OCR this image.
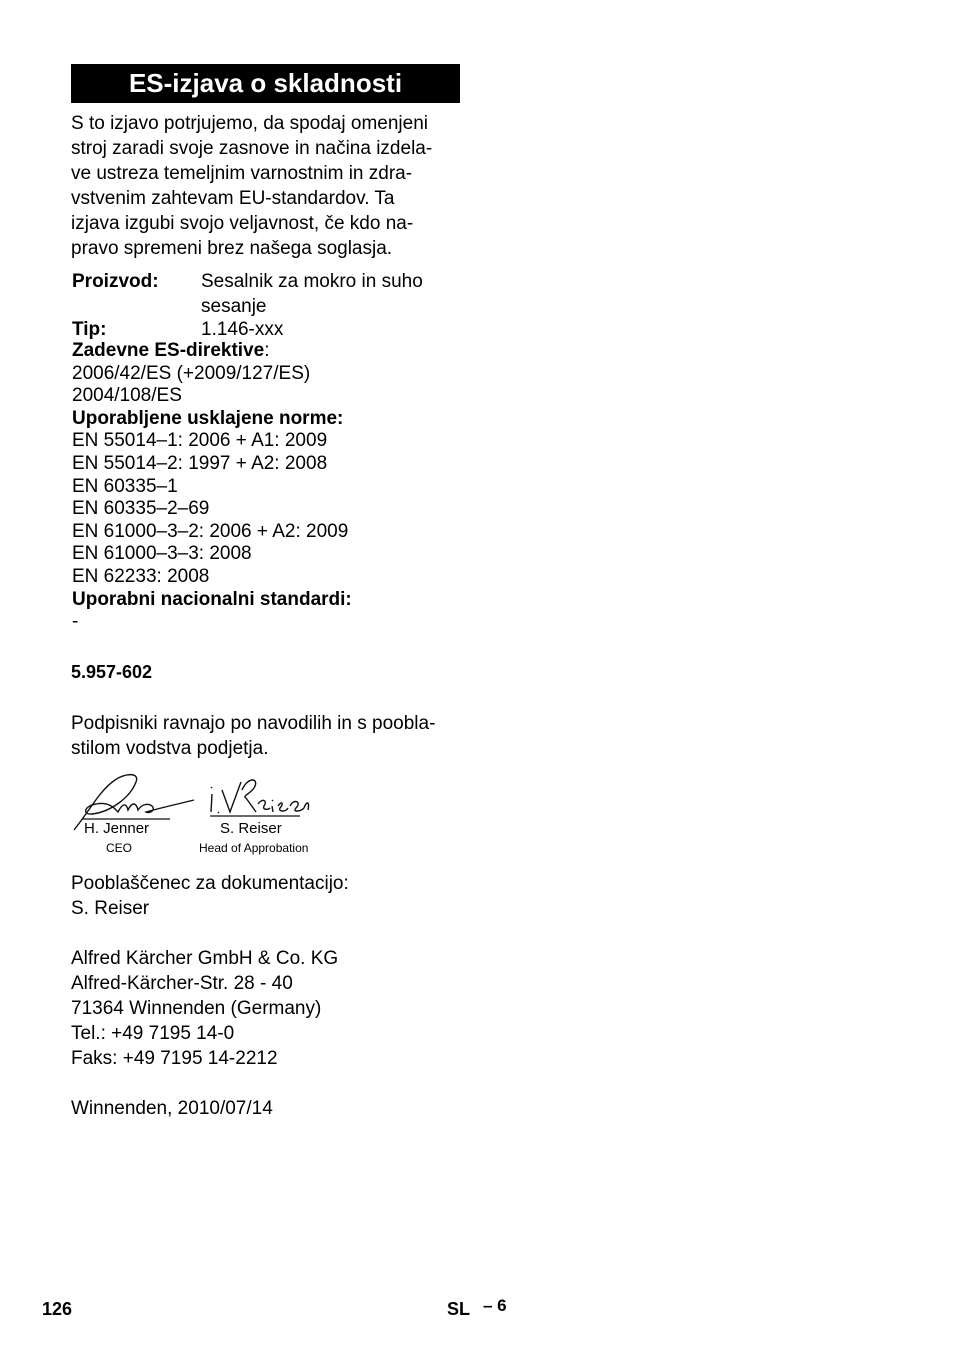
ES-izjava o skladnosti
S to izjavo potrjujemo, da spodaj omenjeni
stroj zaradi svoje zasnove in načina izdela-
ve ustreza temeljnim varnostnim in zdra-
vstvenim zahtevam EU-standardov. Ta
izjava izgubi svojo veljavnost, če kdo na-
pravo spremeni brez našega soglasja.
Proizvod: Sesalnik za mokro in suho
sesanje
Tip:	1.146-xxx
Zadevne ES-direktive:
2006/42/ES (+2009/127/ES)
2004/108/ES
Uporabljene usklajene norme:
EN 55014–1: 2006 + A1: 2009
EN 55014–2: 1997 + A2: 2008
EN 60335–1
EN 60335–2–69
EN 61000–3–2: 2006 + A2: 2009
EN 61000–3–3: 2008
EN 62233: 2008
Uporabni nacionalni standardi:
-
5.957-602
Podpisniki ravnajo po navodilih in s poobla-
stilom vodstva podjetja.
H. Jenner	S. Reiser
CEO	Head of Approbation
Pooblaščenec za dokumentacijo:
S. Reiser
Alfred Kärcher GmbH & Co. KG
Alfred-Kärcher-Str. 28 - 40
71364 Winnenden (Germany)
Tel.: +49 7195 14-0
Faks: +49 7195 14-2212
Winnenden, 2010/07/14
126	SL – 6
